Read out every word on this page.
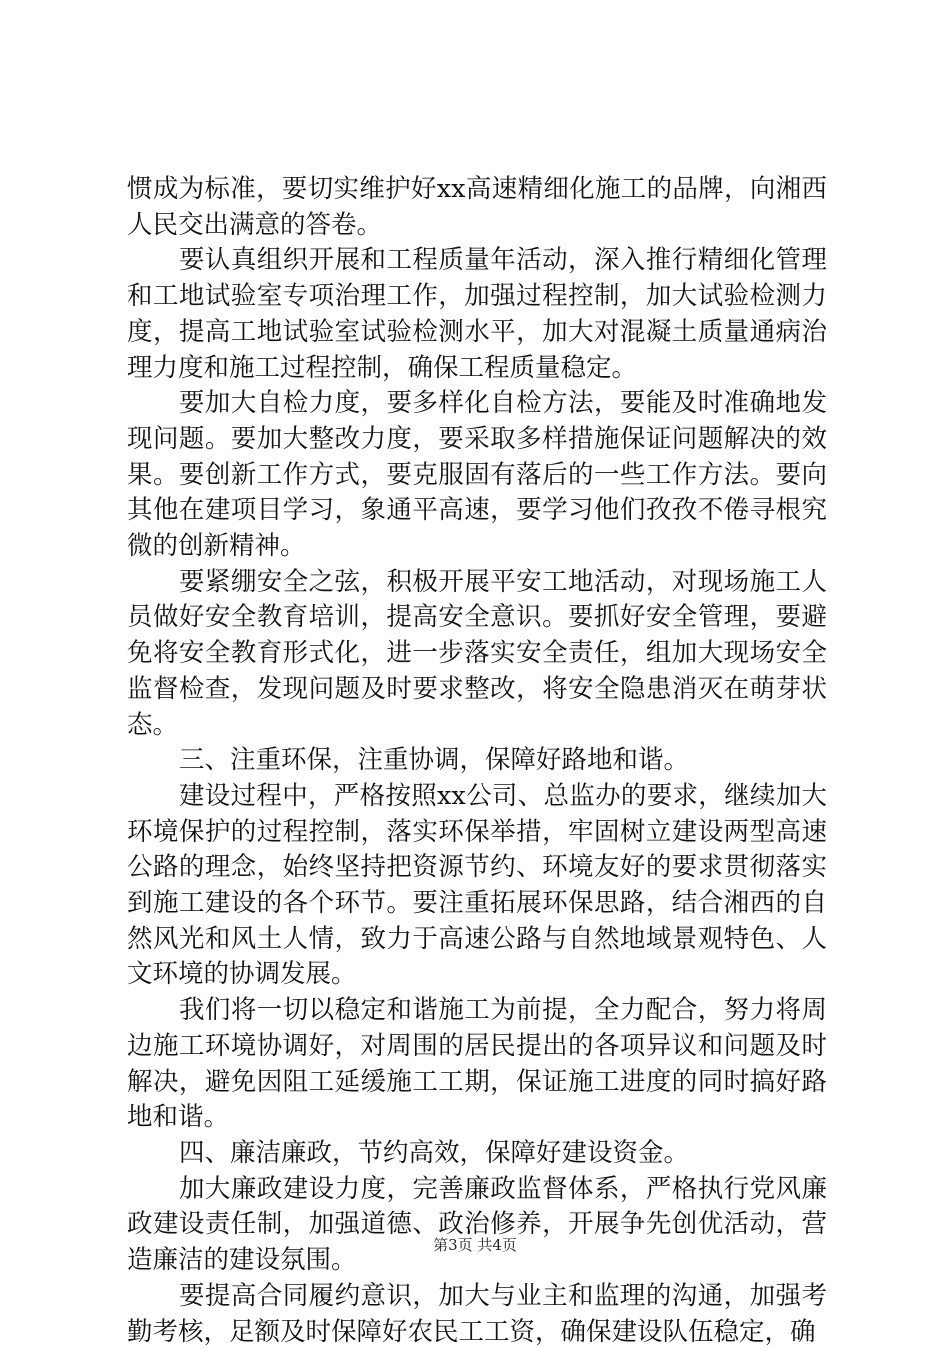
惯成为标准，要切实维护好xx高速精细化施工的品牌，向湘西人民交出满意的答卷。

要认真组织开展和工程质量年活动，深入推行精细化管理和工地试验室专项治理工作，加强过程控制，加大试验检测力度，提高工地试验室试验检测水平，加大对混凝土质量通病治理力度和施工过程控制，确保工程质量稳定。

要加大自检力度，要多样化自检方法，要能及时准确地发现问题。要加大整改力度，要采取多样措施保证问题解决的效果。要创新工作方式，要克服固有落后的一些工作方法。要向其他在建项目学习，象通平高速，要学习他们孜孜不倦寻根究微的创新精神。

要紧绷安全之弦，积极开展平安工地活动，对现场施工人员做好安全教育培训，提高安全意识。要抓好安全管理，要避免将安全教育形式化，进一步落实安全责任，组加大现场安全监督检查，发现问题及时要求整改，将安全隐患消灭在萌芽状态。

三、注重环保，注重协调，保障好路地和谐。

建设过程中，严格按照xx公司、总监办的要求，继续加大环境保护的过程控制，落实环保举措，牢固树立建设两型高速公路的理念，始终坚持把资源节约、环境友好的要求贯彻落实到施工建设的各个环节。要注重拓展环保思路，结合湘西的自然风光和风土人情，致力于高速公路与自然地域景观特色、人文环境的协调发展。

我们将一切以稳定和谐施工为前提，全力配合，努力将周边施工环境协调好，对周围的居民提出的各项异议和问题及时解决，避免因阻工延缓施工工期，保证施工进度的同时搞好路地和谐。

四、廉洁廉政，节约高效，保障好建设资金。

加大廉政建设力度，完善廉政监督体系，严格执行党风廉政建设责任制，加强道德、政治修养，开展争先创优活动，营造廉洁的建设氛围。

要提高合同履约意识，加大与业主和监理的沟通，加强考勤考核，足额及时保障好农民工工资，确保建设队伍稳定，确

第3页 共4页
